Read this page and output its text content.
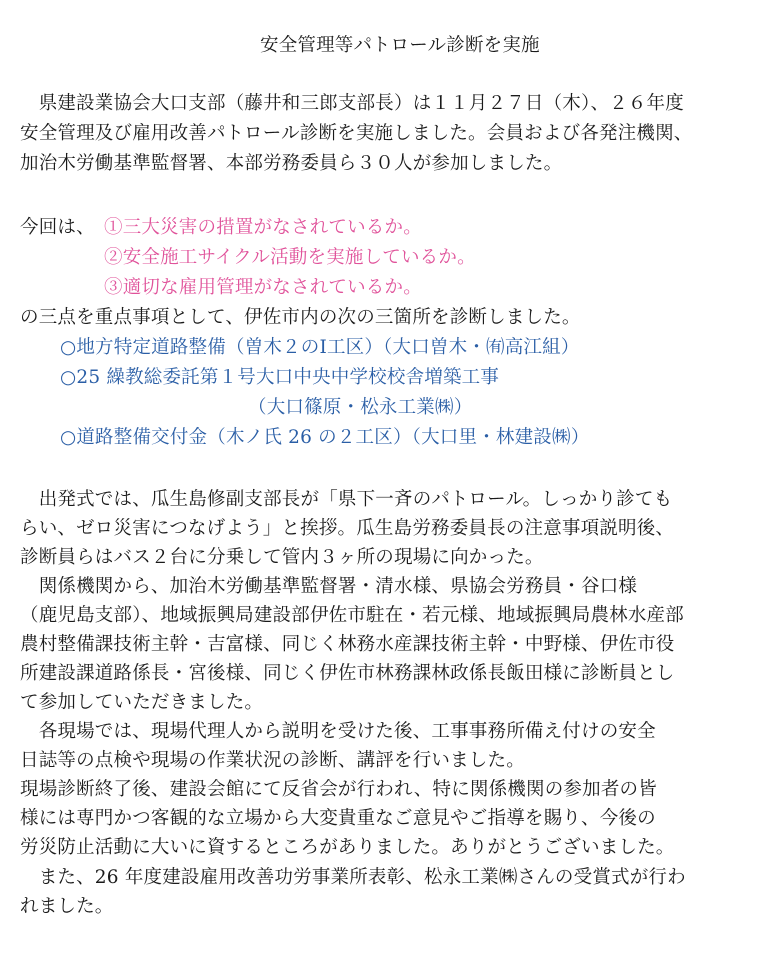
安全管理等パトロール診断を実施
　県建設業協会大口支部（藤井和三郎支部長）は１１月２７日（木）、２６年度
安全管理及び雇用改善パトロール診断を実施しました。会員および各発注機関、
加治木労働基準監督署、本部労務委員ら３０人が参加しました。
今回は、 ①三大災害の措置がなされているか。
②安全施工サイクル活動を実施しているか。
③適切な雇用管理がなされているか。
の三点を重点事項として、伊佐市内の次の三箇所を診断しました。
○地方特定道路整備（曽木２のⅠ工区）（大口曽木・㈲高江組）
○25 繰教総委託第１号大口中央中学校校舎増築工事
（大口篠原・松永工業㈱）
○道路整備交付金（木ノ氏 26 の２工区）（大口里・林建設㈱）
　出発式では、瓜生島修副支部長が「県下一斉のパトロール。しっかり診ても
らい、ゼロ災害につなげよう」と挨拶。瓜生島労務委員長の注意事項説明後、
診断員らはバス２台に分乗して管内３ヶ所の現場に向かった。
　関係機関から、加治木労働基準監督署・清水様、県協会労務員・谷口様
（鹿児島支部）、地域振興局建設部伊佐市駐在・若元様、地域振興局農林水産部
農村整備課技術主幹・吉富様、同じく林務水産課技術主幹・中野様、伊佐市役
所建設課道路係長・宮後様、同じく伊佐市林務課林政係長飯田様に診断員とし
て参加していただきました。
　各現場では、現場代理人から説明を受けた後、工事事務所備え付けの安全
日誌等の点検や現場の作業状況の診断、講評を行いました。
現場診断終了後、建設会館にて反省会が行われ、特に関係機関の参加者の皆
様には専門かつ客観的な立場から大変貴重なご意見やご指導を賜り、今後の
労災防止活動に大いに資するところがありました。ありがとうございました。
　また、26 年度建設雇用改善功労事業所表彰、松永工業㈱さんの受賞式が行わ
れました。
